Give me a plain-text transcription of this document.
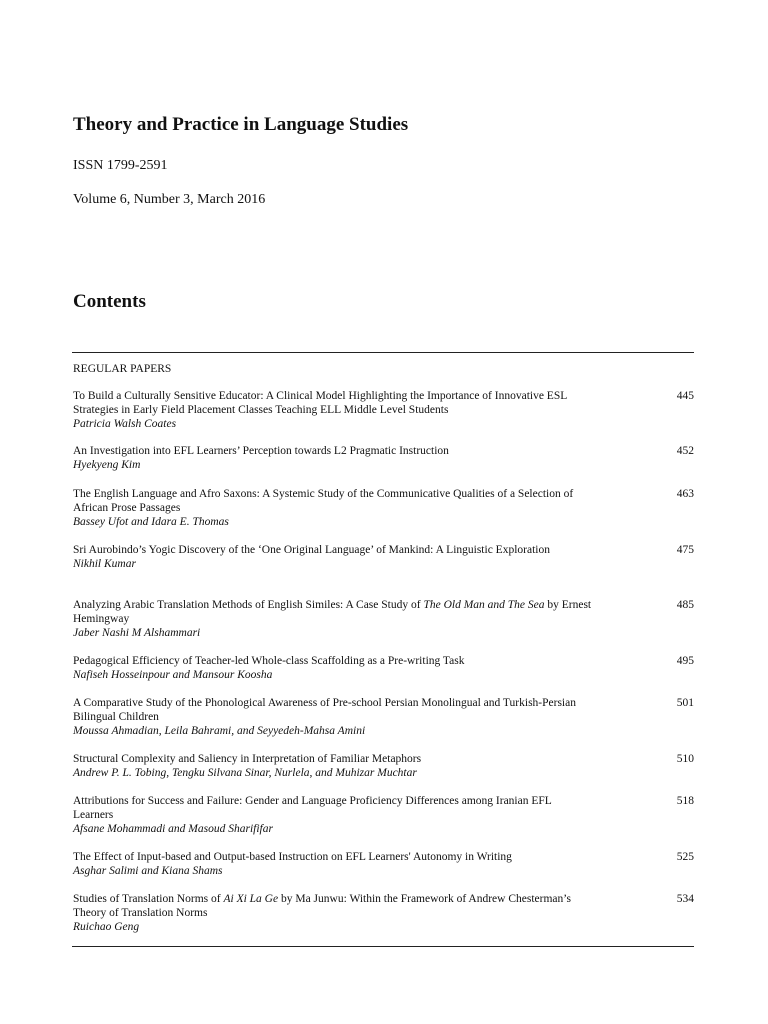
Theory and Practice in Language Studies
ISSN 1799-2591
Volume 6, Number 3, March 2016
Contents
REGULAR PAPERS
To Build a Culturally Sensitive Educator: A Clinical Model Highlighting the Importance of Innovative ESL Strategies in Early Field Placement Classes Teaching ELL Middle Level Students
Patricia Walsh Coates
445
An Investigation into EFL Learners’ Perception towards L2 Pragmatic Instruction
Hyekyeng Kim
452
The English Language and Afro Saxons: A Systemic Study of the Communicative Qualities of a Selection of African Prose Passages
Bassey Ufot and Idara E. Thomas
463
Sri Aurobindo’s Yogic Discovery of the ‘One Original Language’ of Mankind: A Linguistic Exploration
Nikhil Kumar
475
Analyzing Arabic Translation Methods of English Similes: A Case Study of The Old Man and The Sea by Ernest Hemingway
Jaber Nashi M Alshammari
485
Pedagogical Efficiency of Teacher-led Whole-class Scaffolding as a Pre-writing Task
Nafiseh Hosseinpour and Mansour Koosha
495
A Comparative Study of the Phonological Awareness of Pre-school Persian Monolingual and Turkish-Persian Bilingual Children
Moussa Ahmadian, Leila Bahrami, and Seyyedeh-Mahsa Amini
501
Structural Complexity and Saliency in Interpretation of Familiar Metaphors
Andrew P. L. Tobing, Tengku Silvana Sinar, Nurlela, and Muhizar Muchtar
510
Attributions for Success and Failure: Gender and Language Proficiency Differences among Iranian EFL Learners
Afsane Mohammadi and Masoud Sharififar
518
The Effect of Input-based and Output-based Instruction on EFL Learners' Autonomy in Writing
Asghar Salimi and Kiana Shams
525
Studies of Translation Norms of Ai Xi La Ge by Ma Junwu: Within the Framework of Andrew Chesterman’s Theory of Translation Norms
Ruichao Geng
534
